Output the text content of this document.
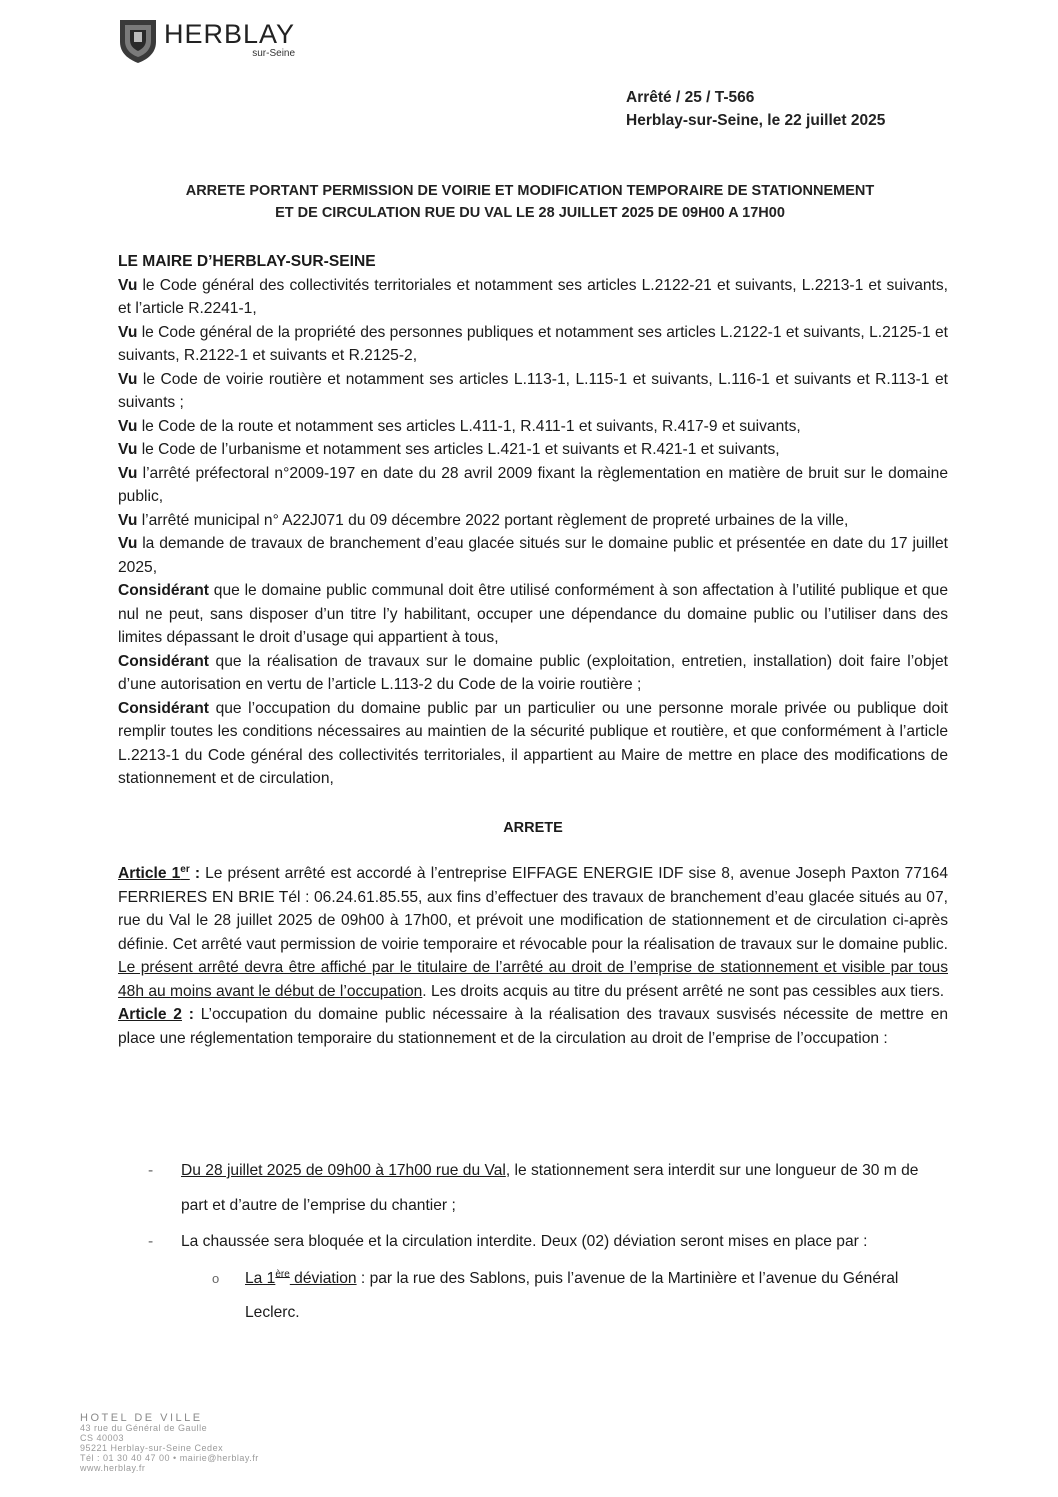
HERBLAY
sur-Seine
Arrêté / 25 / T-566
Herblay-sur-Seine, le 22 juillet 2025
ARRETE PORTANT PERMISSION DE VOIRIE ET MODIFICATION TEMPORAIRE DE STATIONNEMENT
ET DE CIRCULATION RUE DU VAL LE 28 JUILLET 2025 DE 09H00 A 17H00

LE MAIRE D’HERBLAY-SUR-SEINE

Vu le Code général des collectivités territoriales et notamment ses articles L.2122-21 et suivants, L.2213-1 et suivants, et l’article R.2241-1,

Vu le Code général de la propriété des personnes publiques et notamment ses articles L.2122-1 et suivants, L.2125-1 et suivants, R.2122-1 et suivants et R.2125-2,

Vu le Code de voirie routière et notamment ses articles L.113-1, L.115-1 et suivants, L.116-1 et suivants et R.113-1 et suivants ;

Vu le Code de la route et notamment ses articles L.411-1, R.411-1 et suivants, R.417-9 et suivants,

Vu le Code de l’urbanisme et notamment ses articles L.421-1 et suivants et R.421-1 et suivants,

Vu l’arrêté préfectoral n°2009-197 en date du 28 avril 2009 fixant la règlementation en matière de bruit sur le domaine public,

Vu l’arrêté municipal n° A22J071 du 09 décembre 2022 portant règlement de propreté urbaines de la ville,

Vu la demande de travaux de branchement d’eau glacée situés sur le domaine public et présentée en date du 17 juillet 2025,

Considérant que le domaine public communal doit être utilisé conformément à son affectation à l’utilité publique et que nul ne peut, sans disposer d’un titre l’y habilitant, occuper une dépendance du domaine public ou l’utiliser dans des limites dépassant le droit d’usage qui appartient à tous,

Considérant que la réalisation de travaux sur le domaine public (exploitation, entretien, installation) doit faire l’objet d’une autorisation en vertu de l’article L.113-2 du Code de la voirie routière ;

Considérant que l’occupation du domaine public par un particulier ou une personne morale privée ou publique doit remplir toutes les conditions nécessaires au maintien de la sécurité publique et routière, et que conformément à l’article L.2213-1 du Code général des collectivités territoriales, il appartient au Maire de mettre en place des modifications de stationnement et de circulation,

ARRETE

Article 1er : Le présent arrêté est accordé à l’entreprise EIFFAGE ENERGIE IDF sise 8, avenue Joseph Paxton 77164 FERRIERES EN BRIE Tél : 06.24.61.85.55, aux fins d’effectuer des travaux de branchement d’eau glacée situés au 07, rue du Val le 28 juillet 2025 de 09h00 à 17h00, et prévoit une modification de stationnement et de circulation ci-après définie. Cet arrêté vaut permission de voirie temporaire et révocable pour la réalisation de travaux sur le domaine public. Le présent arrêté devra être affiché par le titulaire de l’arrêté au droit de l’emprise de stationnement et visible par tous 48h au moins avant le début de l’occupation. Les droits acquis au titre du présent arrêté ne sont pas cessibles aux tiers.

Article 2 : L’occupation du domaine public nécessaire à la réalisation des travaux susvisés nécessite de mettre en place une réglementation temporaire du stationnement et de la circulation au droit de l’emprise de l’occupation :

- Du 28 juillet 2025 de 09h00 à 17h00 rue du Val, le stationnement sera interdit sur une longueur de 30 m de part et d’autre de l’emprise du chantier ;
- La chaussée sera bloquée et la circulation interdite. Deux (02) déviation seront mises en place par :
o La 1ère déviation : par la rue des Sablons, puis l’avenue de la Martinière et l’avenue du Général Leclerc.
HOTEL DE VILLE
43 rue du Général de Gaulle
CS 40003
95221 Herblay-sur-Seine Cedex
Tél : 01 30 40 47 00 • mairie@herblay.fr
www.herblay.fr
